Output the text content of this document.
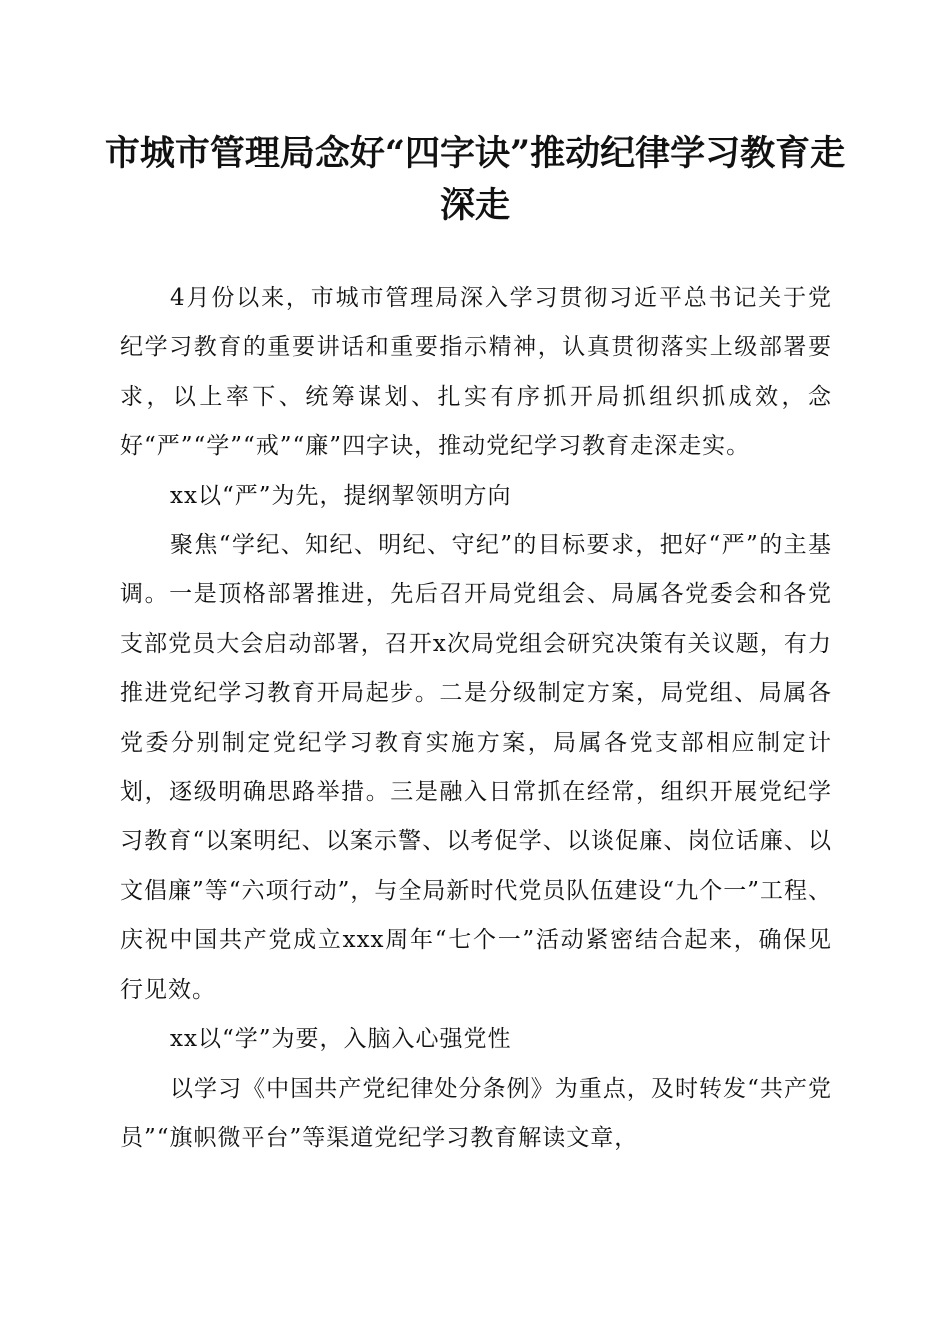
市城市管理局念好“四字诀”推动纪律学习教育走深走

4月份以来，市城市管理局深入学习贯彻习近平总书记关于党纪学习教育的重要讲话和重要指示精神，认真贯彻落实上级部署要求，以上率下、统筹谋划、扎实有序抓开局抓组织抓成效，念好“严”“学”“戒”“廉”四字诀，推动党纪学习教育走深走实。

xx以“严”为先，提纲挈领明方向

聚焦“学纪、知纪、明纪、守纪”的目标要求，把好“严”的主基调。一是顶格部署推进，先后召开局党组会、局属各党委会和各党支部党员大会启动部署，召开x次局党组会研究决策有关议题，有力推进党纪学习教育开局起步。二是分级制定方案，局党组、局属各党委分别制定党纪学习教育实施方案，局属各党支部相应制定计划，逐级明确思路举措。三是融入日常抓在经常，组织开展党纪学习教育“以案明纪、以案示警、以考促学、以谈促廉、岗位话廉、以文倡廉”等“六项行动”，与全局新时代党员队伍建设“九个一”工程、庆祝中国共产党成立xxx周年“七个一”活动紧密结合起来，确保见行见效。

xx以“学”为要，入脑入心强党性

以学习《中国共产党纪律处分条例》为重点，及时转发“共产党员”“旗帜微平台”等渠道党纪学习教育解读文章，
